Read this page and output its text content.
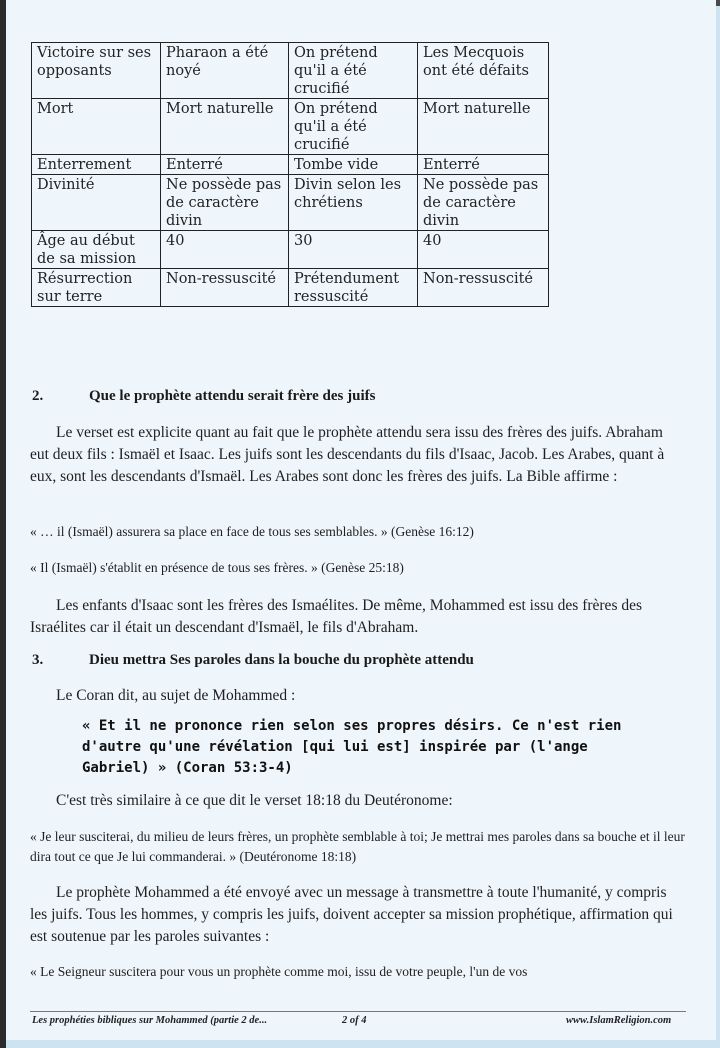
Victoire sur ses opposants	Pharaon a été noyé	On prétend qu'il a été crucifié	Les Mecquois ont été défaits
Mort	Mort naturelle	On prétend qu'il a été crucifié	Mort naturelle
Enterrement	Enterré	Tombe vide	Enterré
Divinité	Ne possède pas de caractère divin	Divin selon les chrétiens	Ne possède pas de caractère divin
Âge au début de sa mission	40	30	40
Résurrection sur terre	Non-ressuscité	Prétendument ressuscité	Non-ressuscité
2.	Que le prophète attendu serait frère des juifs
Le verset est explicite quant au fait que le prophète attendu sera issu des frères des juifs. Abraham eut deux fils : Ismaël et Isaac. Les juifs sont les descendants du fils d'Isaac, Jacob. Les Arabes, quant à eux, sont les descendants d'Ismaël. Les Arabes sont donc les frères des juifs. La Bible affirme :
« … il (Ismaël) assurera sa place en face de tous ses semblables. » (Genèse 16:12)
« Il (Ismaël) s'établit en présence de tous ses frères. » (Genèse 25:18)
Les enfants d'Isaac sont les frères des Ismaélites. De même, Mohammed est issu des frères des Israélites car il était un descendant d'Ismaël, le fils d'Abraham.
3.	Dieu mettra Ses paroles dans la bouche du prophète attendu
Le Coran dit, au sujet de Mohammed :
« Et il ne prononce rien selon ses propres désirs. Ce n'est rien d'autre qu'une révélation [qui lui est] inspirée par (l'ange Gabriel) » (Coran 53:3-4)
C'est très similaire à ce que dit le verset 18:18 du Deutéronome:
« Je leur susciterai, du milieu de leurs frères, un prophète semblable à toi; Je mettrai mes paroles dans sa bouche et il leur dira tout ce que Je lui commanderai. » (Deutéronome 18:18)
Le prophète Mohammed a été envoyé avec un message à transmettre à toute l'humanité, y compris les juifs. Tous les hommes, y compris les juifs, doivent accepter sa mission prophétique, affirmation qui est soutenue par les paroles suivantes :
« Le Seigneur suscitera pour vous un prophète comme moi, issu de votre peuple, l'un de vos
Les prophéties bibliques sur Mohammed (partie 2 de...	2 of 4	www.IslamReligion.com
